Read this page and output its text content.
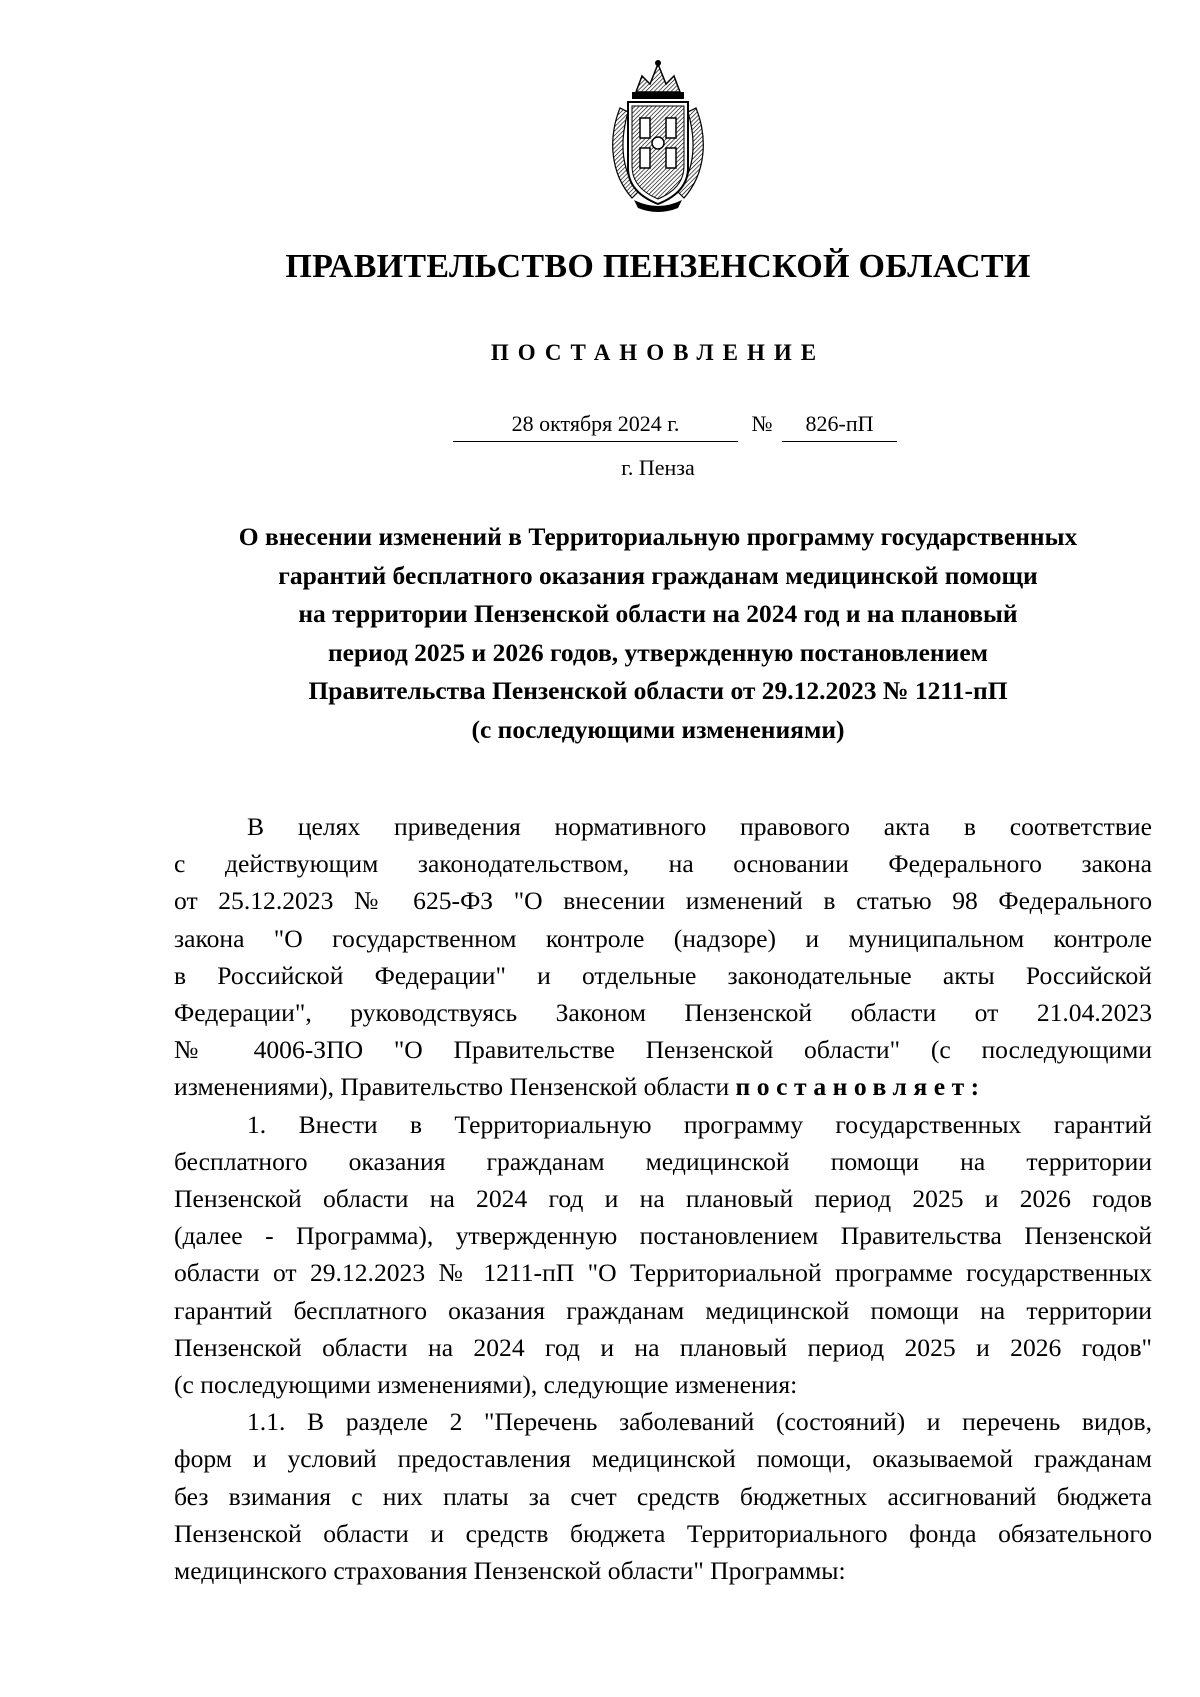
ПРАВИТЕЛЬСТВО ПЕНЗЕНСКОЙ ОБЛАСТИ
ПОСТАНОВЛЕНИЕ
28 октября 2024 г.	№	826-пП
г. Пенза
О внесении изменений в Территориальную программу государственных
гарантий бесплатного оказания гражданам медицинской помощи
на территории Пензенской области на 2024 год и на плановый
период 2025 и 2026 годов, утвержденную постановлением
Правительства Пензенской области от 29.12.2023 № 1211-пП
(с последующими изменениями)
В целях приведения нормативного правового акта в соответствие
с действующим законодательством, на основании Федерального закона
от 25.12.2023 № 625-ФЗ "О внесении изменений в статью 98 Федерального
закона "О государственном контроле (надзоре) и муниципальном контроле
в Российской Федерации" и отдельные законодательные акты Российской
Федерации", руководствуясь Законом Пензенской области от 21.04.2023
№ 4006-ЗПО "О Правительстве Пензенской области" (с последующими
изменениями), Правительство Пензенской области постановляет:
1. Внести в Территориальную программу государственных гарантий
бесплатного оказания гражданам медицинской помощи на территории
Пензенской области на 2024 год и на плановый период 2025 и 2026 годов
(далее - Программа), утвержденную постановлением Правительства Пензенской
области от 29.12.2023 № 1211-пП "О Территориальной программе государственных
гарантий бесплатного оказания гражданам медицинской помощи на территории
Пензенской области на 2024 год и на плановый период 2025 и 2026 годов"
(с последующими изменениями), следующие изменения:
1.1. В разделе 2 "Перечень заболеваний (состояний) и перечень видов,
форм и условий предоставления медицинской помощи, оказываемой гражданам
без взимания с них платы за счет средств бюджетных ассигнований бюджета
Пензенской области и средств бюджета Территориального фонда обязательного
медицинского страхования Пензенской области" Программы:
